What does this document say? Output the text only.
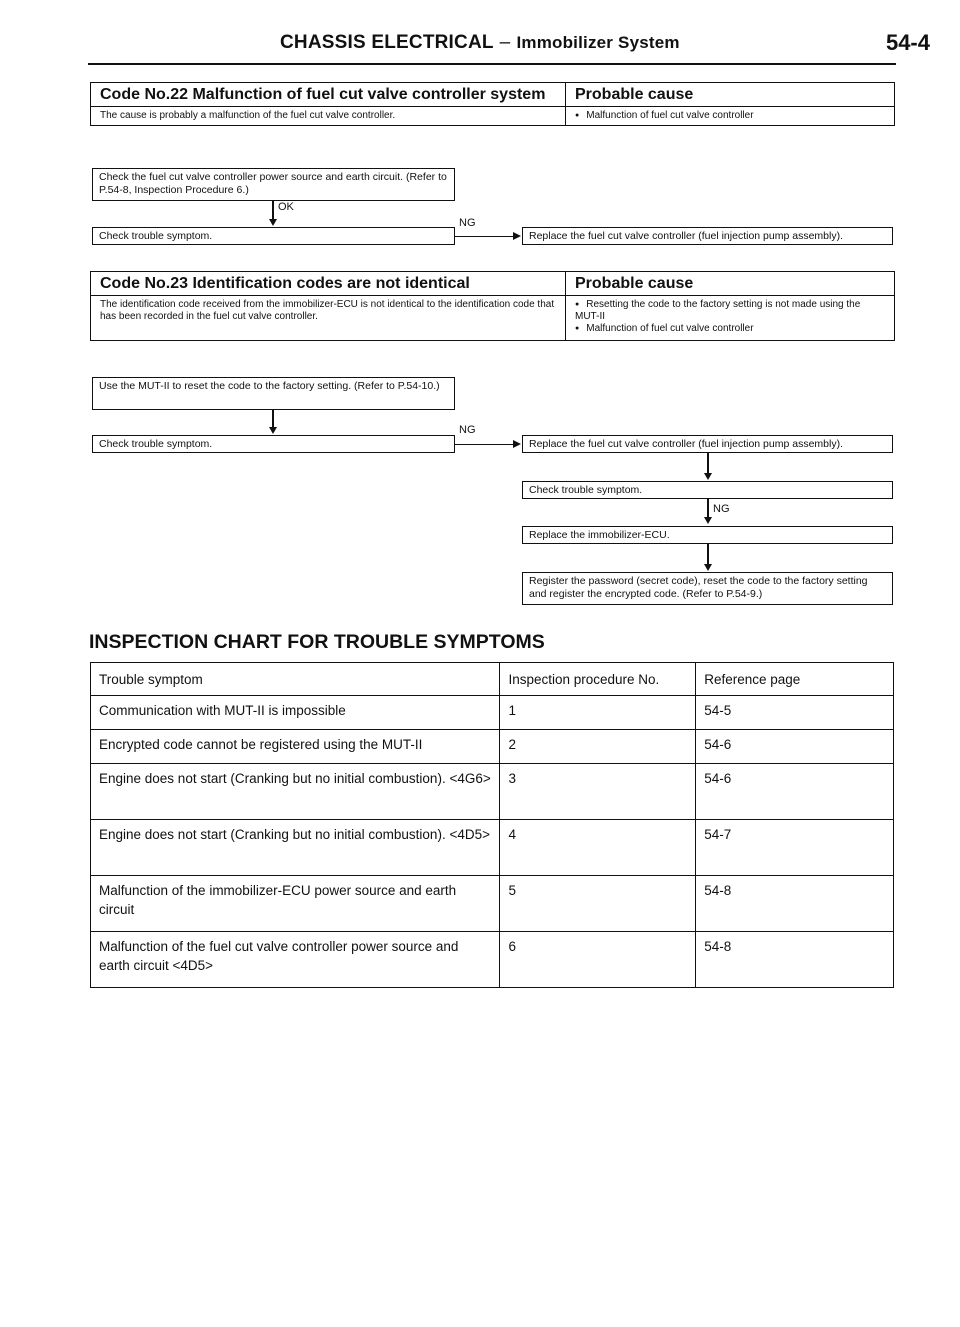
CHASSIS ELECTRICAL – Immobilizer System	54-4
Code No.22 Malfunction of fuel cut valve controller system	Probable cause
The cause is probably a malfunction of the fuel cut valve controller.	● Malfunction of fuel cut valve controller
Check the fuel cut valve controller power source and earth circuit. (Refer to P.54-8, Inspection Procedure 6.)
OK
Check trouble symptom.
NG
Replace the fuel cut valve controller (fuel injection pump assembly).
Code No.23 Identification codes are not identical	Probable cause
The identification code received from the immobilizer-ECU is not identical to the identification code that has been recorded in the fuel cut valve controller.
● Resetting the code to the factory setting is not made using the MUT-II
● Malfunction of fuel cut valve controller
Use the MUT-II to reset the code to the factory setting. (Refer to P.54-10.)
Check trouble symptom.
NG
Replace the fuel cut valve controller (fuel injection pump assembly).
Check trouble symptom.
NG
Replace the immobilizer-ECU.
Register the password (secret code), reset the code to the factory setting and register the encrypted code. (Refer to P.54-9.)
INSPECTION CHART FOR TROUBLE SYMPTOMS
Trouble symptom	Inspection procedure No.	Reference page
Communication with MUT-II is impossible	1	54-5
Encrypted code cannot be registered using the MUT-II	2	54-6
Engine does not start (Cranking but no initial combustion). <4G6>	3	54-6
Engine does not start (Cranking but no initial combustion). <4D5>	4	54-7
Malfunction of the immobilizer-ECU power source and earth circuit	5	54-8
Malfunction of the fuel cut valve controller power source and earth circuit <4D5>	6	54-8
